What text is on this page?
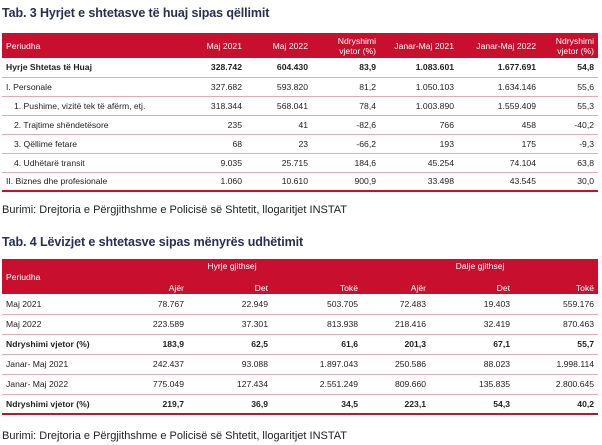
Tab. 3 Hyrjet e shtetasve të huaj sipas qëllimit
Periudha	Maj 2021	Maj 2022	Ndryshimi vjetor (%)	Janar-Maj 2021	Janar-Maj 2022	Ndryshimi vjetor (%)
Hyrje Shtetas të Huaj	328.742	604.430	83,9	1.083.601	1.677.691	54,8
I. Personale	327.682	593.820	81,2	1.050.103	1.634.146	55,6
1. Pushime, vizitë tek të afërm, etj.	318.344	568.041	78,4	1.003.890	1.559.409	55,3
2. Trajtime shëndetësore	235	41	-82,6	766	458	-40,2
3. Qëllime fetare	68	23	-66,2	193	175	-9,3
4. Udhëtarë transit	9.035	25.715	184,6	45.254	74.104	63,8
II. Biznes dhe profesionale	1.060	10.610	900,9	33.498	43.545	30,0
Burimi: Drejtoria e Përgjithshme e Policisë së Shtetit, llogaritjet INSTAT
Tab. 4 Lëvizjet e shtetasve sipas mënyrës udhëtimit
	Hyrje gjithsej			Dalje gjithsej		
Periudha						
	Ajër	Det	Tokë	Ajër	Det	Tokë
Maj 2021	78.767	22.949	503.705	72.483	19.403	559.176
Maj 2022	223.589	37.301	813.938	218.416	32.419	870.463
Ndryshimi vjetor (%)	183,9	62,5	61,6	201,3	67,1	55,7
Janar- Maj 2021	242.437	93.088	1.897.043	250.586	88.023	1.998.114
Janar- Maj 2022	775.049	127.434	2.551.249	809.660	135.835	2.800.645
Ndryshimi vjetor (%)	219,7	36,9	34,5	223,1	54,3	40,2
Burimi: Drejtoria e Përgjithshme e Policisë së Shtetit, llogaritjet INSTAT
